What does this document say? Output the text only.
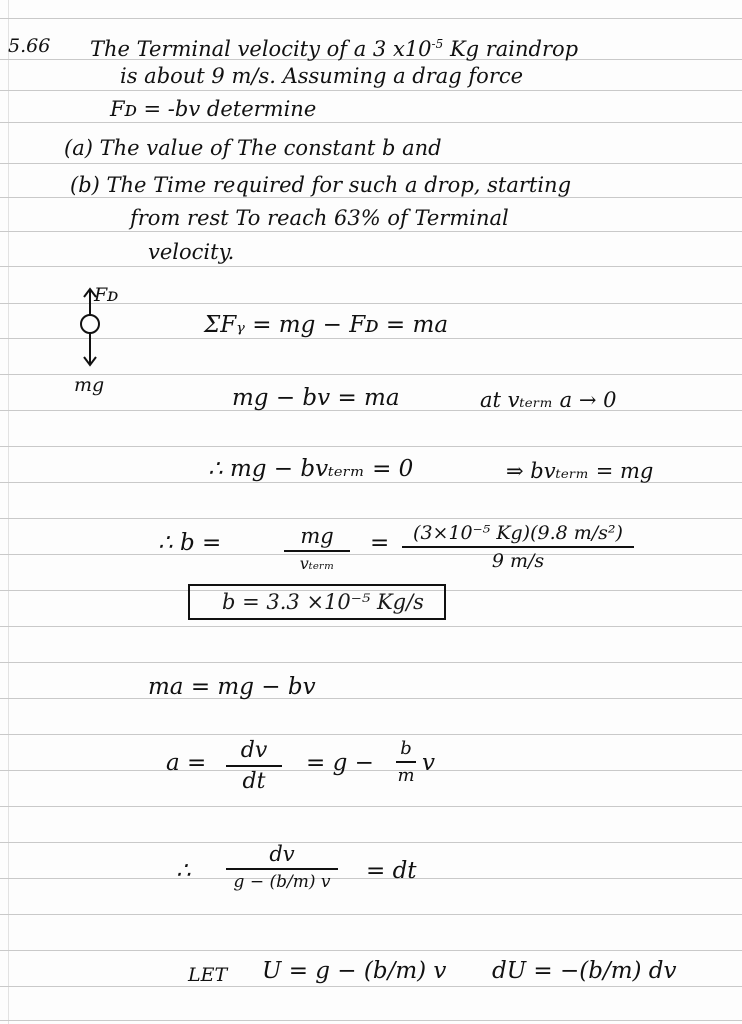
5.66 The Terminal velocity of a 3 $x10^{-5}$ Kg raindrop
is about 9 m/s. Assuming a drag force
Fᴅ = -bv determine
(a) The value of The constant b and
(b) The Time required for such a drop, starting
from rest To reach 63% of Terminal
velocity.
Fᴅ
mg
ΣFᵧ = mg − Fᴅ = ma
mg − bv = ma	at vₜₑᵣₘ a → 0
∴ mg − bvₜₑᵣₘ = 0	⇒ bvₜₑᵣₘ = mg
∴ b =	mg
vₜₑᵣₘ
=	(3×10⁻⁵ Kg)(9.8 m/s²)
9 m/s
b = 3.3 ×10⁻⁵ Kg/s
ma = mg − bv
a =	dv
dt
= g −
b
m v
∴
dv
g − (b/m) v	= dt
LET U = g − (b/m) v dU = −(b/m) dv
